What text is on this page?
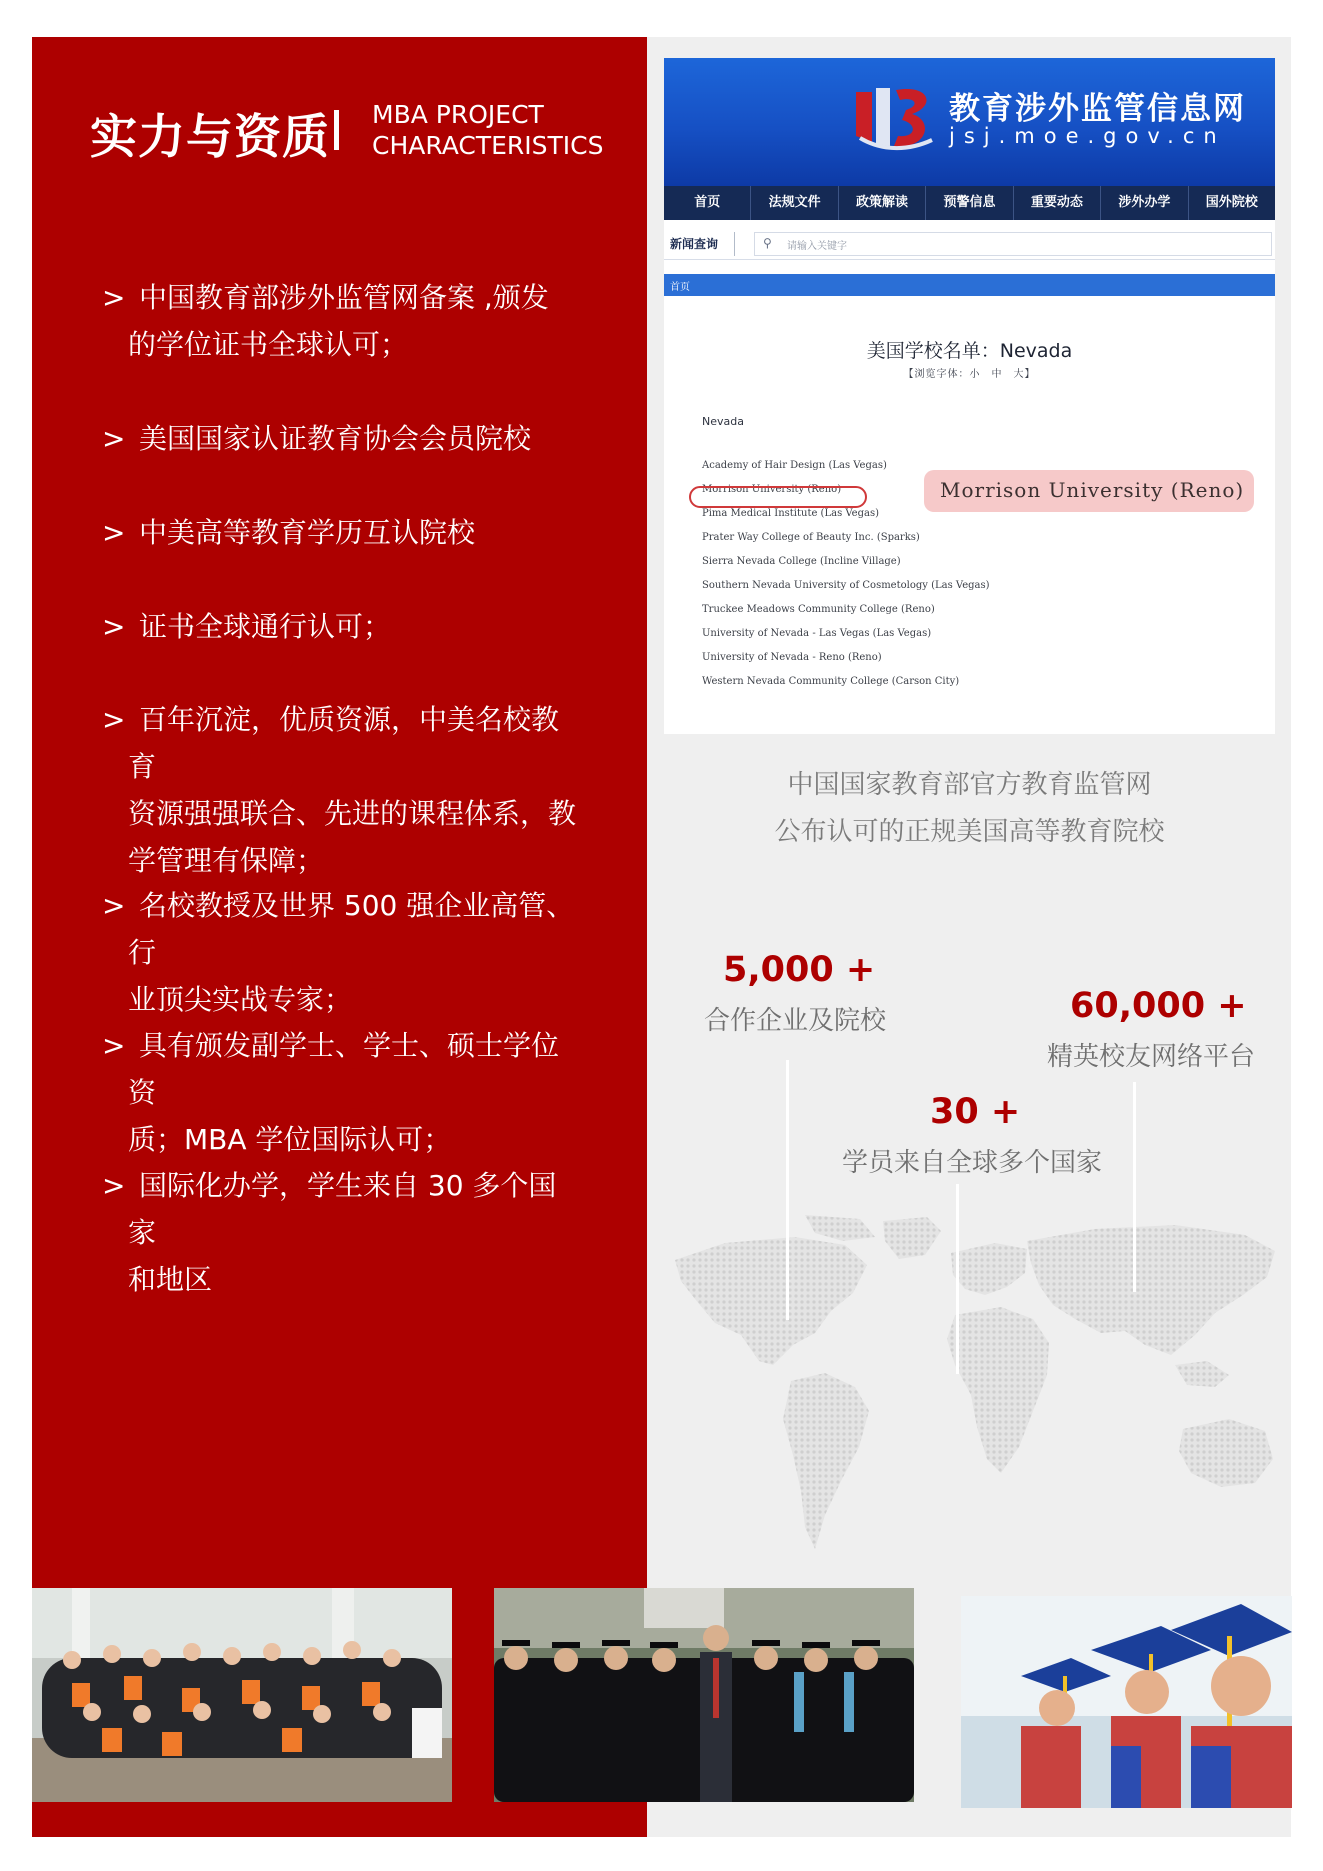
实力与资质 MBA PROJECT
CHARACTERISTICS
> 中国教育部涉外监管网备案 ,颁发
的学位证书全球认可；
> 美国国家认证教育协会会员院校
> 中美高等教育学历互认院校
> 证书全球通行认可；
> 百年沉淀，优质资源，中美名校教育
资源强强联合、先进的课程体系，教
学管理有保障；
> 名校教授及世界 500 强企业高管、行
业顶尖实战专家；
> 具有颁发副学士、学士、硕士学位资
质；MBA 学位国际认可；
> 国际化办学，学生来自 30 多个国家
和地区
教育涉外监管信息网
jsj.moe.gov.cn
首页	法规文件	政策解读	预警信息	重要动态	涉外办学	国外院校
新闻查询	⚲ 请输入关键字
首页
美国学校名单：Nevada
【浏览字体：小　中　大】
Nevada
Academy of Hair Design (Las Vegas)
Morrison University (Reno)
Pima Medical Institute (Las Vegas)
Prater Way College of Beauty Inc. (Sparks)
Sierra Nevada College (Incline Village)
Southern Nevada University of Cosmetology (Las Vegas)
Truckee Meadows Community College (Reno)
University of Nevada - Las Vegas (Las Vegas)
University of Nevada - Reno (Reno)
Western Nevada Community College (Carson City)
Morrison University (Reno)
中国国家教育部官方教育监管网
公布认可的正规美国高等教育院校
5,000 +
合作企业及院校	60,000 +
精英校友网络平台
30 +
学员来自全球多个国家
